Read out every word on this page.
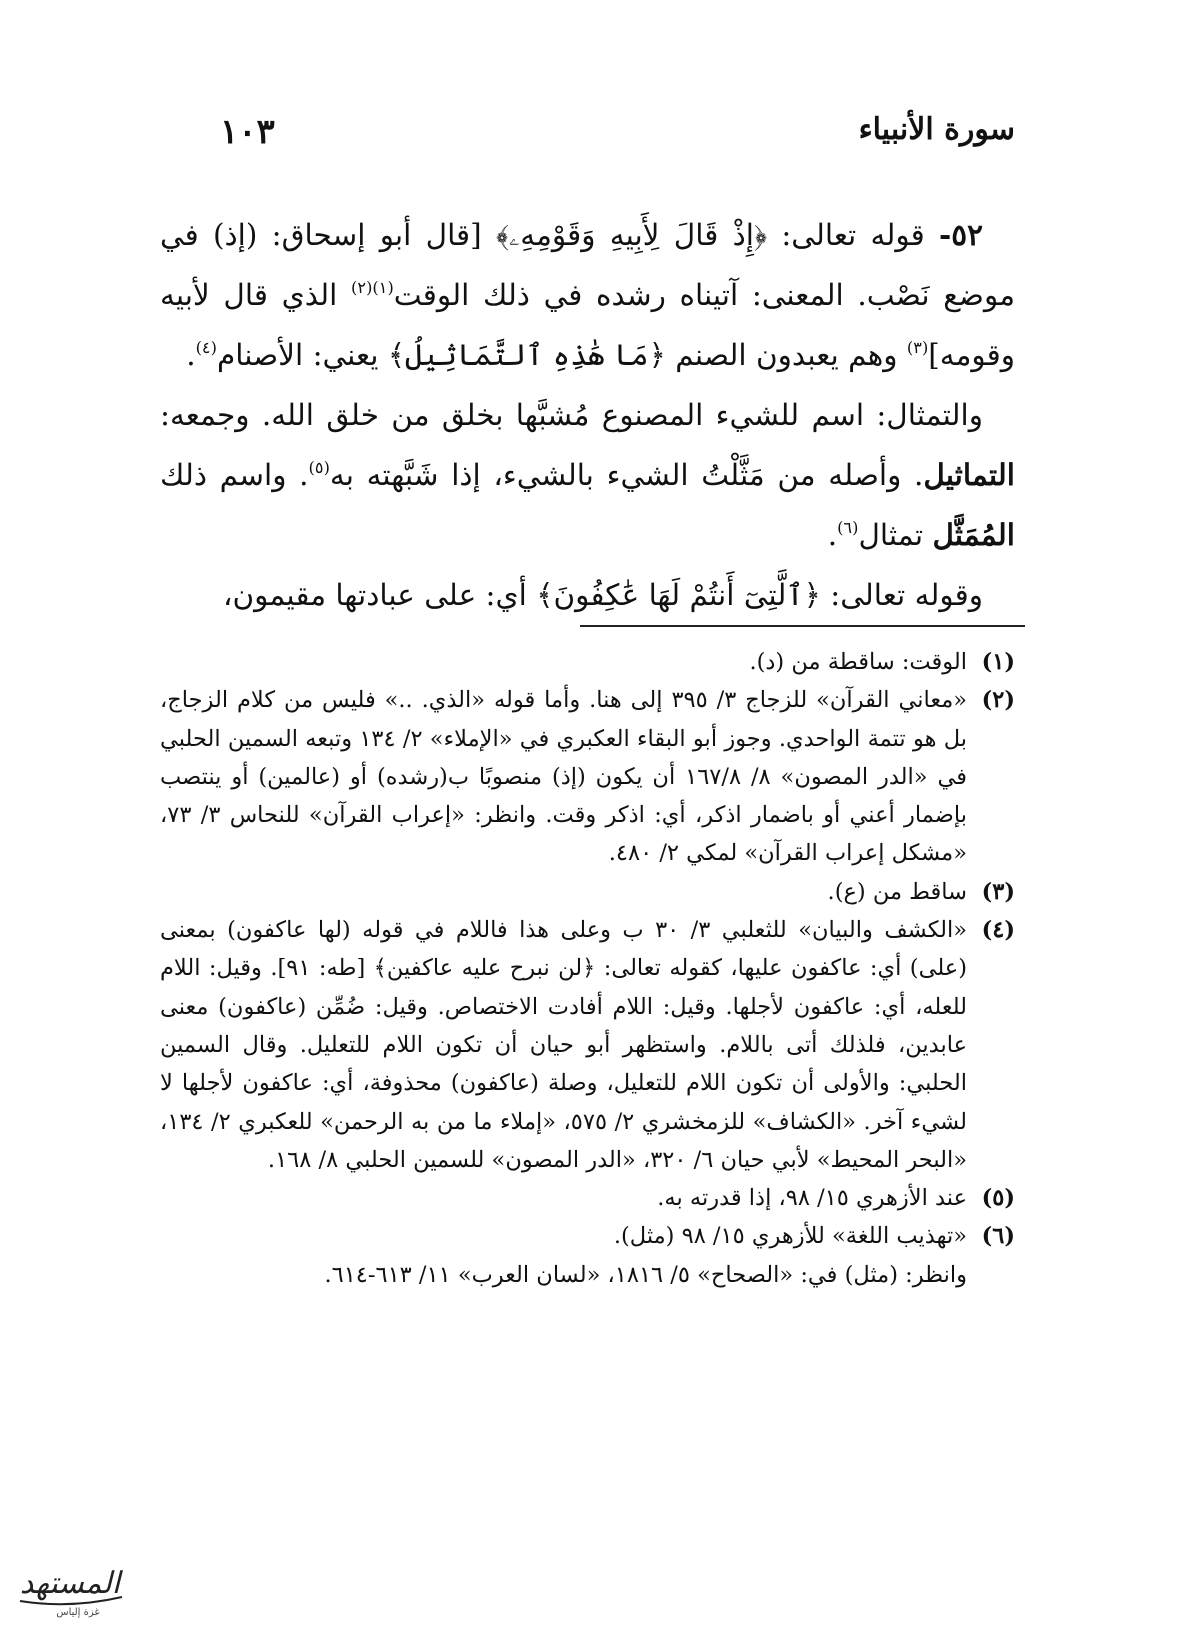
سورة الأنبياء
١٠٣

٥٢- قوله تعالى: ﴿إِذْ قَالَ لِأَبِيهِ وَقَوْمِهِۦ﴾ [قال أبو إسحاق: (إذ) في موضع نَصْب. المعنى: آتيناه رشده في ذلك الوقت$^{(١)(٢)}$ الذي قال لأبيه وقومه]$^{(٣)}$ وهم يعبدون الصنم ﴿مَا هَٰذِهِ ٱلتَّمَاثِيلُ﴾ يعني: الأصنام$^{(٤)}$.

والتمثال: اسم للشيء المصنوع مُشبَّها بخلق من خلق الله. وجمعه: التماثيل. وأصله من مَثَّلْتُ الشيء بالشيء، إذا شَبَّهته به$^{(٥)}$. واسم ذلك المُمَثَّل تمثال$^{(٦)}$.

وقوله تعالى: ﴿ٱلَّتِىٓ أَنتُمْ لَهَا عَٰكِفُونَ﴾ أي: على عبادتها مقيمون،

(١)
الوقت: ساقطة من (د).
(٢)
«معاني القرآن» للزجاج ٣/ ٣٩٥ إلى هنا. وأما قوله «الذي. ..» فليس من كلام الزجاج، بل هو تتمة الواحدي. وجوز أبو البقاء العكبري في «الإملاء» ٢/ ١٣٤ وتبعه السمين الحلبي في «الدر المصون» ٨/ ١٦٧/٨ أن يكون (إذ) منصوبًا ب(رشده) أو (عالمين) أو ينتصب بإضمار أعني أو باضمار اذكر، أي: اذكر وقت. وانظر: «إعراب القرآن» للنحاس ٣/ ٧٣، «مشكل إعراب القرآن» لمكي ٢/ ٤٨٠.
(٣)
ساقط من (ع).
(٤)
«الكشف والبيان» للثعلبي ٣/ ٣٠ ب وعلى هذا فاللام في قوله (لها عاكفون) بمعنى (على) أي: عاكفون عليها، كقوله تعالى: ﴿لن نبرح عليه عاكفين﴾ [طه: ٩١]. وقيل: اللام للعله، أي: عاكفون لأجلها. وقيل: اللام أفادت الاختصاص. وقيل: ضُمِّن (عاكفون) معنى عابدين، فلذلك أتى باللام. واستظهر أبو حيان أن تكون اللام للتعليل. وقال السمين الحلبي: والأولى أن تكون اللام للتعليل، وصلة (عاكفون) محذوفة، أي: عاكفون لأجلها لا لشيء آخر. «الكشاف» للزمخشري ٢/ ٥٧٥، «إملاء ما من به الرحمن» للعكبري ٢/ ١٣٤، «البحر المحيط» لأبي حيان ٦/ ٣٢٠، «الدر المصون» للسمين الحلبي ٨/ ١٦٨.
(٥)
عند الأزهري ١٥/ ٩٨، إذا قدرته به.
(٦)
«تهذيب اللغة» للأزهري ١٥/ ٩٨ (مثل).
وانظر: (مثل) في: «الصحاح» ٥/ ١٨١٦، «لسان العرب» ١١/ ٦١٣-٦١٤.
المستهد
غزة إلياس
